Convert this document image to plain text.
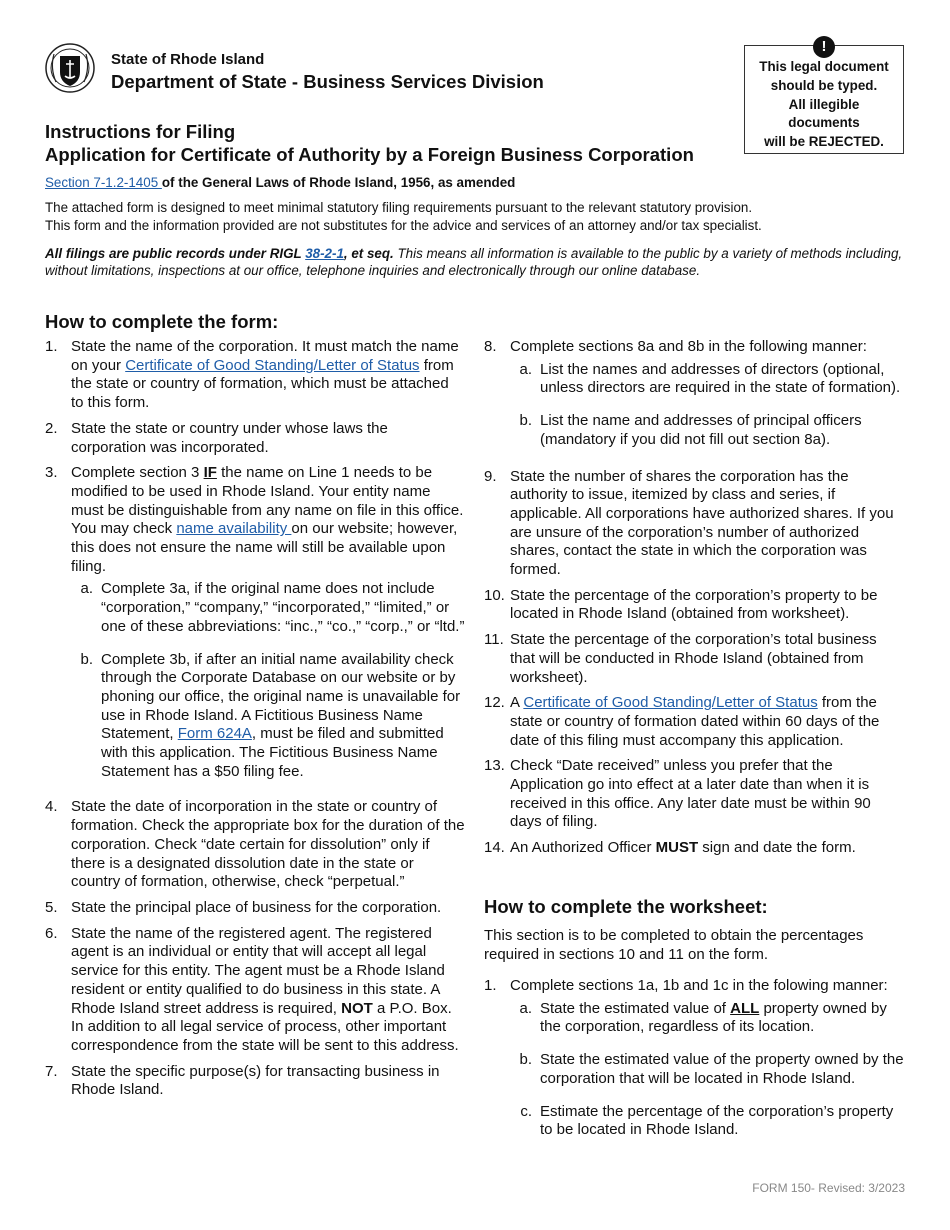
State of Rhode Island
Department of State - Business Services Division
!
This legal document
should be typed.
All illegible
documents
will be REJECTED.
Instructions for Filing
Application for Certificate of Authority by a Foreign Business Corporation
Section 7-1.2-1405 of the General Laws of Rhode Island, 1956, as amended
The attached form is designed to meet minimal statutory filing requirements pursuant to the relevant statutory provision.
This form and the information provided are not substitutes for the advice and services of an attorney and/or tax specialist.
All filings are public records under RIGL 38-2-1, et seq. This means all information is available to the public by a variety of methods including, without limitations, inspections at our office, telephone inquiries and electronically through our online database.
How to complete the form:
1. State the name of the corporation. It must match the name on your Certificate of Good Standing/Letter of Status from the state or country of formation, which must be attached to this form.
2. State the state or country under whose laws the corporation was incorporated.
3. Complete section 3 IF the name on Line 1 needs to be modified to be used in Rhode Island. Your entity name must be distinguishable from any name on file in this office. You may check name availability on our website; however, this does not ensure the name will still be available upon filing.
a. Complete 3a, if the original name does not include “corporation,” “company,” “incorporated,” “limited,” or one of these abbreviations: “inc.,” “co.,” “corp.,” or “ltd.”
b. Complete 3b, if after an initial name availability check through the Corporate Database on our website or by phoning our office, the original name is unavailable for use in Rhode Island. A Fictitious Business Name Statement, Form 624A, must be filed and submitted with this application. The Fictitious Business Name Statement has a $50 filing fee.
4. State the date of incorporation in the state or country of formation. Check the appropriate box for the duration of the corporation. Check “date certain for dissolution” only if there is a designated dissolution date in the state or country of formation, otherwise, check “perpetual.”
5. State the principal place of business for the corporation.
6. State the name of the registered agent. The registered agent is an individual or entity that will accept all legal service for this entity. The agent must be a Rhode Island resident or entity qualified to do business in this state. A Rhode Island street address is required, NOT a P.O. Box. In addition to all legal service of process, other important correspondence from the state will be sent to this address.
7. State the specific purpose(s) for transacting business in Rhode Island.
8. Complete sections 8a and 8b in the following manner:
a. List the names and addresses of directors (optional, unless directors are required in the state of formation).
b. List the name and addresses of principal officers (mandatory if you did not fill out section 8a).
9. State the number of shares the corporation has the authority to issue, itemized by class and series, if applicable. All corporations have authorized shares. If you are unsure of the corporation’s number of authorized shares, contact the state in which the corporation was formed.
10. State the percentage of the corporation’s property to be located in Rhode Island (obtained from worksheet).
11. State the percentage of the corporation’s total business that will be conducted in Rhode Island (obtained from worksheet).
12. A Certificate of Good Standing/Letter of Status from the state or country of formation dated within 60 days of the date of this filing must accompany this application.
13. Check “Date received” unless you prefer that the Application go into effect at a later date than when it is received in this office. Any later date must be within 90 days of filing.
14. An Authorized Officer MUST sign and date the form.
How to complete the worksheet:
This section is to be completed to obtain the percentages required in sections 10 and 11 on the form.
1. Complete sections 1a, 1b and 1c in the folowing manner:
a. State the estimated value of ALL property owned by the corporation, regardless of its location.
b. State the estimated value of the property owned by the corporation that will be located in Rhode Island.
c. Estimate the percentage of the corporation’s property to be located in Rhode Island.
FORM 150- Revised: 3/2023
